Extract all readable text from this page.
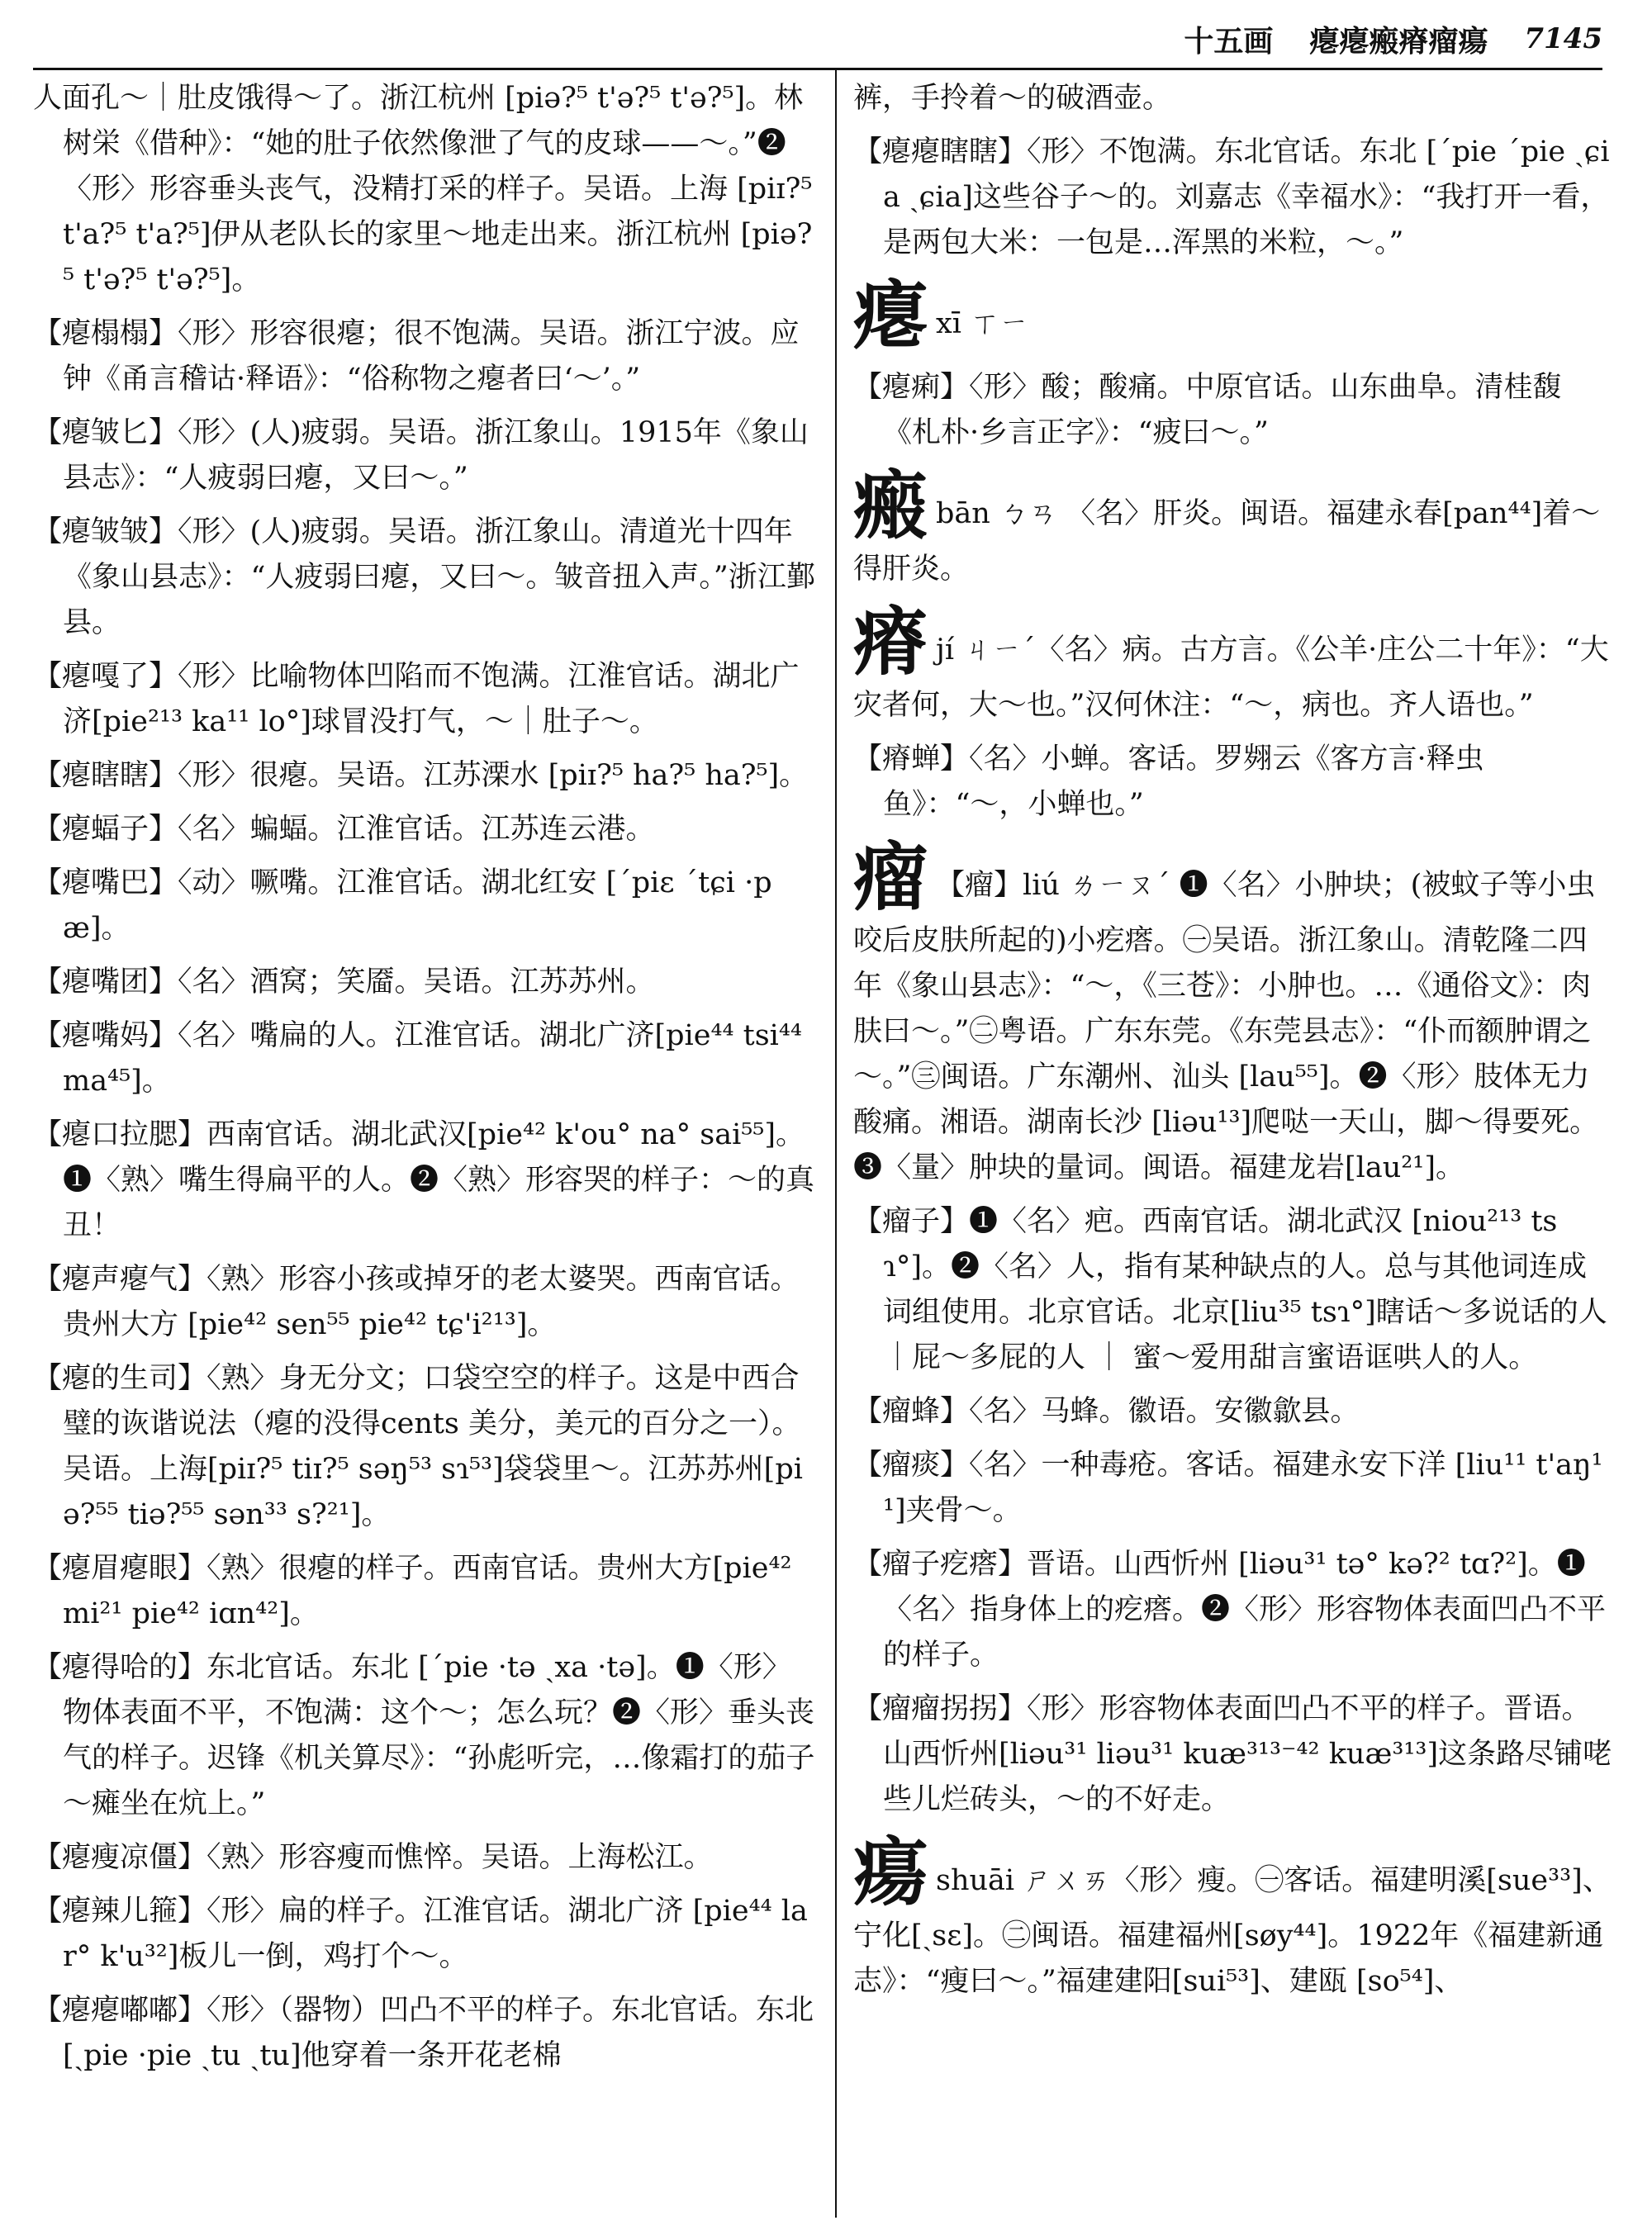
十五画 瘪瘪瘢瘠瘤瘍 7145
人面孔～｜肚皮饿得～了。浙江杭州 [piə?⁵ t'ə?⁵ t'ə?⁵]。林树栄《借种》：“她的肚子依然像泄了气的皮球——～。”❷〈形〉形容垂头丧气，没精打采的样子。吴语。上海 [piɪ?⁵ t'a?⁵ t'a?⁵]伊从老队长的家里～地走出来。浙江杭州 [piə?⁵ t'ə?⁵ t'ə?⁵]。
【瘪榻榻】〈形〉形容很瘪；很不饱满。吴语。浙江宁波。应钟《甬言稽诂·释语》：“俗称物之瘪者曰‘～’。”
【瘪皱匕】〈形〉(人)疲弱。吴语。浙江象山。1915年《象山县志》：“人疲弱曰瘪，又曰～。”
【瘪皱皱】〈形〉(人)疲弱。吴语。浙江象山。清道光十四年《象山县志》：“人疲弱曰瘪，又曰～。皱音扭入声。”浙江鄞县。
【瘪嘎了】〈形〉比喻物体凹陷而不饱满。江淮官话。湖北广济[pie²¹³ ka¹¹ lo°]球冒没打气，～｜肚子～。
【瘪瞎瞎】〈形〉很瘪。吴语。江苏溧水 [piɪ?⁵ ha?⁵ ha?⁵]。
【瘪蝠子】〈名〉蝙蝠。江淮官话。江苏连云港。
【瘪嘴巴】〈动〉噘嘴。江淮官话。湖北红安 [ˊpiɛ ˊtɕi ·pæ]。
【瘪嘴团】〈名〉酒窝；笑靥。吴语。江苏苏州。
【瘪嘴妈】〈名〉嘴扁的人。江淮官话。湖北广济[pie⁴⁴ tsi⁴⁴ ma⁴⁵]。
【瘪口拉腮】西南官话。湖北武汉[pie⁴² k'ou° na° sai⁵⁵]。❶〈熟〉嘴生得扁平的人。❷〈熟〉形容哭的样子：～的真丑！
【瘪声瘪气】〈熟〉形容小孩或掉牙的老太婆哭。西南官话。贵州大方 [pie⁴² sen⁵⁵ pie⁴² tɕ'i²¹³]。
【瘪的生司】〈熟〉身无分文；口袋空空的样子。这是中西合璧的诙谐说法（瘪的没得cents 美分，美元的百分之一）。吴语。上海[piɪ?⁵ tiɪ?⁵ səŋ⁵³ sɿ⁵³]袋袋里～。江苏苏州[piə?⁵⁵ tiə?⁵⁵ sən³³ s?²¹]。
【瘪眉瘪眼】〈熟〉很瘪的样子。西南官话。贵州大方[pie⁴² mi²¹ pie⁴² iɑn⁴²]。
【瘪得哈的】东北官话。东北 [ˊpie ·tə ˏxa ·tə]。❶〈形〉物体表面不平，不饱满：这个～；怎么玩？❷〈形〉垂头丧气的样子。迟锋《机关算尽》：“孙彪听完，…像霜打的茄子～瘫坐在炕上。”
【瘪瘦凉僵】〈熟〉形容瘦而憔悴。吴语。上海松江。
【瘪辣儿箍】〈形〉扁的样子。江淮官话。湖北广济 [pie⁴⁴ lar° k'u³²]板儿一倒，鸡打个～。
【瘪瘪嘟嘟】〈形〉（器物）凹凸不平的样子。东北官话。东北[ˏpie ·pie ˏtu ˏtu]他穿着一条开花老棉
裤，手拎着～的破酒壶。
【瘪瘪瞎瞎】〈形〉不饱满。东北官话。东北 [ˊpie ˊpie ˏɕia ˏɕia]这些谷子～的。刘嘉志《幸福水》：“我打开一看，是两包大米：一包是…浑黑的米粒，～。”
瘪xī ㄒㄧ
【瘪痢】〈形〉酸；酸痛。中原官话。山东曲阜。清桂馥《札朴·乡言正字》：“疲曰～。”
瘢bān ㄅㄢ 〈名〉肝炎。闽语。福建永春[pan⁴⁴]着～得肝炎。
瘠jí ㄐㄧˊ〈名〉病。古方言。《公羊·庄公二十年》：“大灾者何，大～也。”汉何休注：“～，病也。齐人语也。”
【瘠蝉】〈名〉小蝉。客话。罗翙云《客方言·释虫鱼》：“～，小蝉也。”
瘤 【瘤】liú ㄌㄧㄡˊ ❶〈名〉小肿块；(被蚊子等小虫咬后皮肤所起的)小疙瘩。㊀吴语。浙江象山。清乾隆二四年《象山县志》：“～，《三苍》：小肿也。…《通俗文》：肉肤曰～。”㊁粤语。广东东莞。《东莞县志》：“仆而额肿谓之～。”㊂闽语。广东潮州、汕头 [lau⁵⁵]。❷〈形〉肢体无力酸痛。湘语。湖南长沙 [liəu¹³]爬哒一天山，脚～得要死。❸〈量〉肿块的量词。闽语。福建龙岩[lau²¹]。
【瘤子】❶〈名〉疤。西南官话。湖北武汉 [niou²¹³ tsɿ°]。❷〈名〉人，指有某种缺点的人。总与其他词连成词组使用。北京官话。北京[liu³⁵ tsɿ°]瞎话～多说话的人｜屁～多屁的人 ｜ 蜜～爱用甜言蜜语诓哄人的人。
【瘤蜂】〈名〉马蜂。徽语。安徽歙县。
【瘤痰】〈名〉一种毒疮。客话。福建永安下洋 [liu¹¹ t'aŋ¹¹]夹骨～。
【瘤子疙瘩】晋语。山西忻州 [liəu³¹ tə° kə?² tɑ?²]。❶〈名〉指身体上的疙瘩。❷〈形〉形容物体表面凹凸不平的样子。
【瘤瘤拐拐】〈形〉形容物体表面凹凸不平的样子。晋语。山西忻州[liəu³¹ liəu³¹ kuæ³¹³⁻⁴² kuæ³¹³]这条路尽铺咾些儿烂砖头，～的不好走。
瘍shuāi ㄕㄨㄞ〈形〉瘦。㊀客话。福建明溪[sue³³]、宁化[ˏsɛ]。㊁闽语。福建福州[søy⁴⁴]。1922年《福建新通志》：“瘦曰～。”福建建阳[sui⁵³]、建瓯 [so⁵⁴]、
